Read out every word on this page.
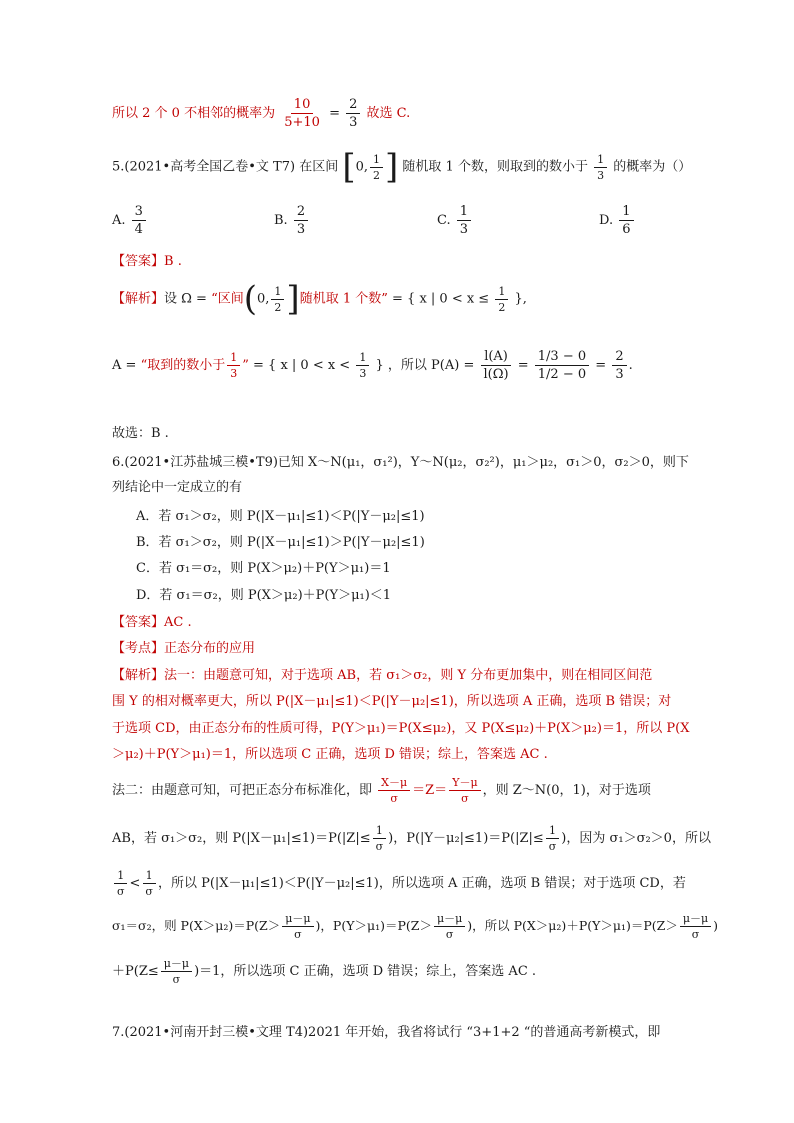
所以 2 个 0 不相邻的概率为 $\frac{10}{5+10} = \frac{2}{3}$ 故选 C.
5.(2021•高考全国乙卷•文 T7) 在区间 [0, $\frac{1}{2}$ ] 随机取 1 个数，则取到的数小于 $\frac{1}{3}$ 的概率为（）
A. $\frac{3}{4}$	B. $\frac{2}{3}$	C. $\frac{1}{3}$	D. $\frac{1}{6}$
【答案】B .
【解析】设 Ω = “区间(0, $\frac{1}{2}$ ]随机取 1 个数” = { x | $0 < x \le \frac{1}{2}$ },
A = “取到的数小于 $\frac{1}{3}$ ” = { x | $0 < x < \frac{1}{3}$ } ，所以 $P(A) = \frac{l(A)}{l(\Omega)} = \frac{1/3 - 0}{1/2 - 0} = \frac{2}{3}$ .
故选：B .
6.(2021•江苏盐城三模•T9)已知 X～N(μ₁，σ₁²)，Y～N(μ₂，σ₂²)，μ₁＞μ₂，σ₁＞0，σ₂＞0，则下
列结论中一定成立的有
A．若 σ₁＞σ₂，则 P(|X－μ₁|≤1)＜P(|Y－μ₂|≤1)
B．若 σ₁＞σ₂，则 P(|X－μ₁|≤1)＞P(|Y－μ₂|≤1)
C．若 σ₁＝σ₂，则 P(X＞μ₂)＋P(Y＞μ₁)＝1
D．若 σ₁＝σ₂，则 P(X＞μ₂)＋P(Y＞μ₁)＜1
【答案】AC .
【考点】正态分布的应用
【解析】法一：由题意可知，对于选项 AB，若 σ₁＞σ₂，则 Y 分布更加集中，则在相同区间范
围 Y 的相对概率更大，所以 P(|X－μ₁|≤1)＜P(|Y－μ₂|≤1)，所以选项 A 正确，选项 B 错误；对
于选项 CD，由正态分布的性质可得，P(Y＞μ₁)＝P(X≤μ₂)，又 P(X≤μ₂)＋P(X＞μ₂)＝1，所以 P(X
＞μ₂)＋P(Y＞μ₁)＝1，所以选项 C 正确，选项 D 错误；综上，答案选 AC .
法二：由题意可知，可把正态分布标准化，即 $\frac{X-\mu}{\sigma} =Z= \frac{Y-\mu}{\sigma}$ ，则 Z～N(0，1)，对于选项
AB，若 σ₁＞σ₂，则 $P(|X-\mu_1|\le 1)=P(|Z|\le \frac{1}{\sigma}$ )，$P(|Y-\mu_2|\le 1)=P(|Z|\le \frac{1}{\sigma}$ )，因为 σ₁＞σ₂＞0，所以
$\frac{1}{\sigma} < \frac{1}{\sigma}$ ，所以 P(|X－μ₁|≤1)＜P(|Y－μ₂|≤1)，所以选项 A 正确，选项 B 错误；对于选项 CD，若
σ₁＝σ₂，则 $P(X>\mu_2)=P(Z> \frac{\mu-\mu}{\sigma}$ )，$P(Y>\mu_1)=P(Z> \frac{\mu-\mu}{\sigma}$ )，所以 $P(X>\mu_2)+P(Y>\mu_1)=P(Z> \frac{\mu-\mu}{\sigma}$ )
$+P(Z\le \frac{\mu-\mu}{\sigma} )=1$，所以选项 C 正确，选项 D 错误；综上，答案选 AC .
7.(2021•河南开封三模•文理 T4)2021 年开始，我省将试行 “3+1+2 “的普通高考新模式，即
